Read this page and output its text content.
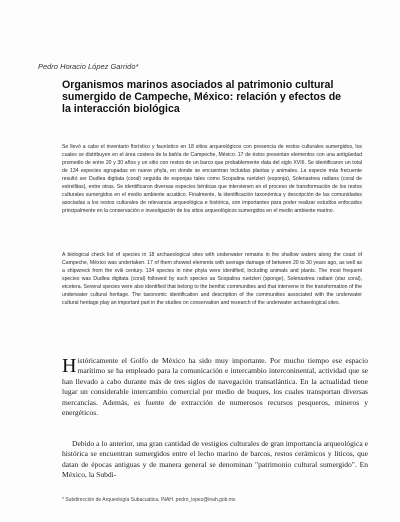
Pedro Horacio López Garrido*
Organismos marinos asociados al patrimonio cultural sumergido de Campeche, México: relación y efectos de la interacción biológica

Se llevó a cabo el inventario florístico y faunístico en 18 sitios arqueológicos con presencia de restos culturales sumergidos, los cuales se distribuyen en el área costera de la bahía de Campeche, México. 17 de éstos presentan elementos con una antigüedad promedio de entre 20 y 30 años y un sitio con restos de un barco que probablemente data del siglo XVIII. Se identificaron un total de 134 especies agrupadas en nueve phyla, en donde se encuentran incluidas plantas y animales. La especie más frecuente resultó ser Dudlea digitata (coral) seguida de esponjas tales como Scopalina ruetzleri (esponja), Solenastrea radians (coral de estrellitas), entre otras. Se identificaron diversas especies bénticas que intervienen en el proceso de transformación de los restos culturales sumergidos en el medio ambiente acuático. Finalmente, la identificación taxonómica y descripción de las comunidades asociadas a los restos culturales de relevancia arqueológica e histórica, son importantes para poder realizar estudios enfocados principalmente en la conservación e investigación de los sitios arqueológicos sumergidos en el medio ambiente marino.

A biological check list of species in 18 archaeological sites with underwater remains in the shallow waters along the coast of Campeche, México was undertaken. 17 of them showed elements with average damage of between 20 to 30 years ago, as well as a shipwreck from the xviii century. 134 species in nine phyla were identified, including animals and plants. The most frequent species was Dudlea digitata (coral) followed by such species as Scopalina ruetzleri (sponge), Solenastrea radiant (star coral), etcetera. Several species were also identified that belong to the benthic communities and that intervene in the transformation of the underwater cultural heritage. The taxonomic identification and description of the communities associated with the underwater cultural heritage play an important part in the studies on conservation and research of the underwater archaeological sites.

Históricamente el Golfo de México ha sido muy importante. Por mucho tiempo ese espacio marítimo se ha empleado para la comunicación e intercambio interconinental, actividad que se han llevado a cabo durante más de tres siglos de navegación transatlántica. En la actualidad tiene lugar un considerable intercambio comercial por medio de buques, los cuales transportan diversas mercancías. Además, es fuente de extracción de numerosos recursos pesqueros, mineros y energéticos.

Debido a lo anterior, una gran cantidad de vestigios culturales de gran importancia arqueológica e histórica se encuentran sumergidos entre el lecho marino de barcos, restos cerámicos y líticos, que datan de épocas antiguas y de manera general se denominan "patrimonio cultural sumergido". En México, la Subdi-

* Subdirección de Arqueología Subacuática, INAH. pedro_lopez@inah.gob.mx
